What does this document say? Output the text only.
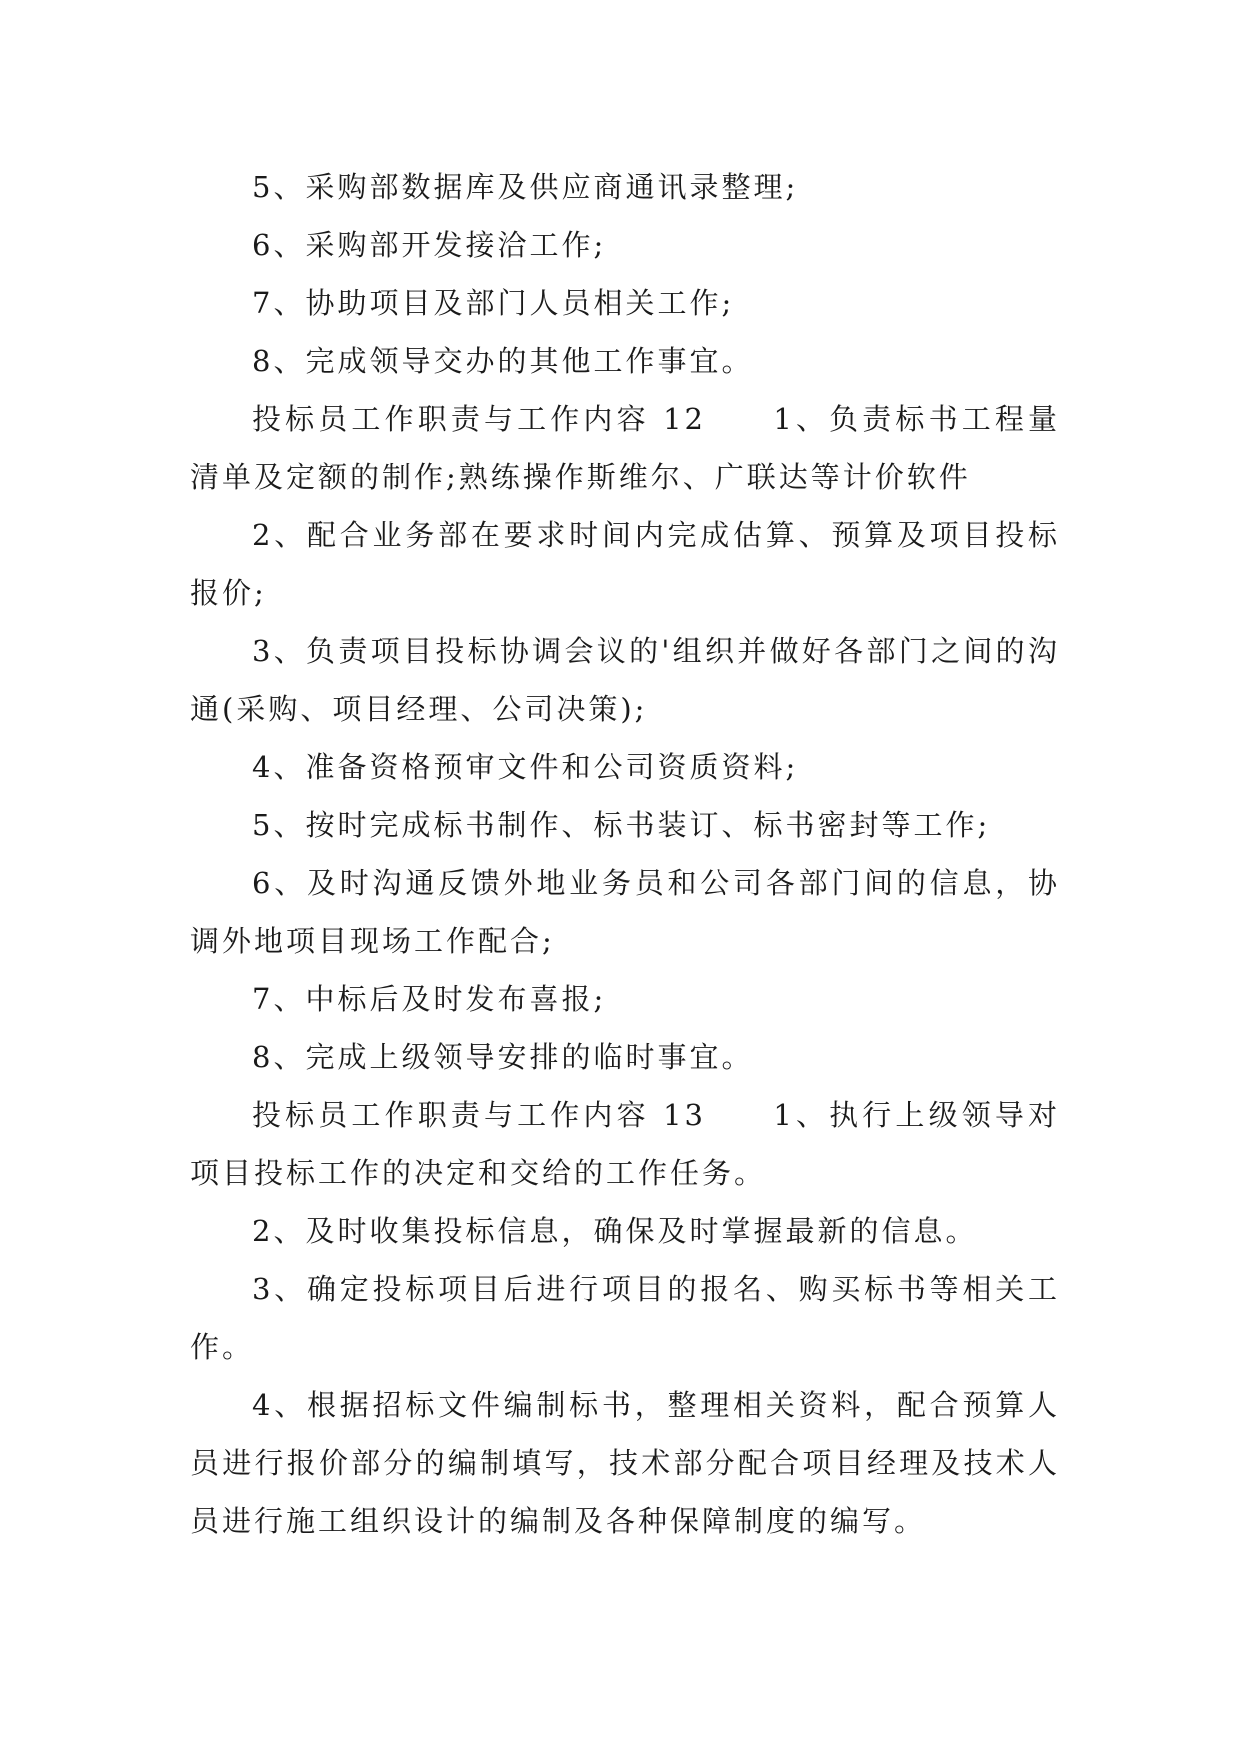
5、采购部数据库及供应商通讯录整理;

6、采购部开发接洽工作;

7、协助项目及部门人员相关工作;

8、完成领导交办的其他工作事宜。

投标员工作职责与工作内容 12　　1、负责标书工程量清单及定额的制作;熟练操作斯维尔、广联达等计价软件

2、配合业务部在要求时间内完成估算、预算及项目投标报价;

3、负责项目投标协调会议的'组织并做好各部门之间的沟通(采购、项目经理、公司决策);

4、准备资格预审文件和公司资质资料;

5、按时完成标书制作、标书装订、标书密封等工作;

6、及时沟通反馈外地业务员和公司各部门间的信息，协调外地项目现场工作配合;

7、中标后及时发布喜报;

8、完成上级领导安排的临时事宜。

投标员工作职责与工作内容 13　　1、执行上级领导对项目投标工作的决定和交给的工作任务。

2、及时收集投标信息，确保及时掌握最新的信息。

3、确定投标项目后进行项目的报名、购买标书等相关工作。

4、根据招标文件编制标书，整理相关资料，配合预算人员进行报价部分的编制填写，技术部分配合项目经理及技术人员进行施工组织设计的编制及各种保障制度的编写。
